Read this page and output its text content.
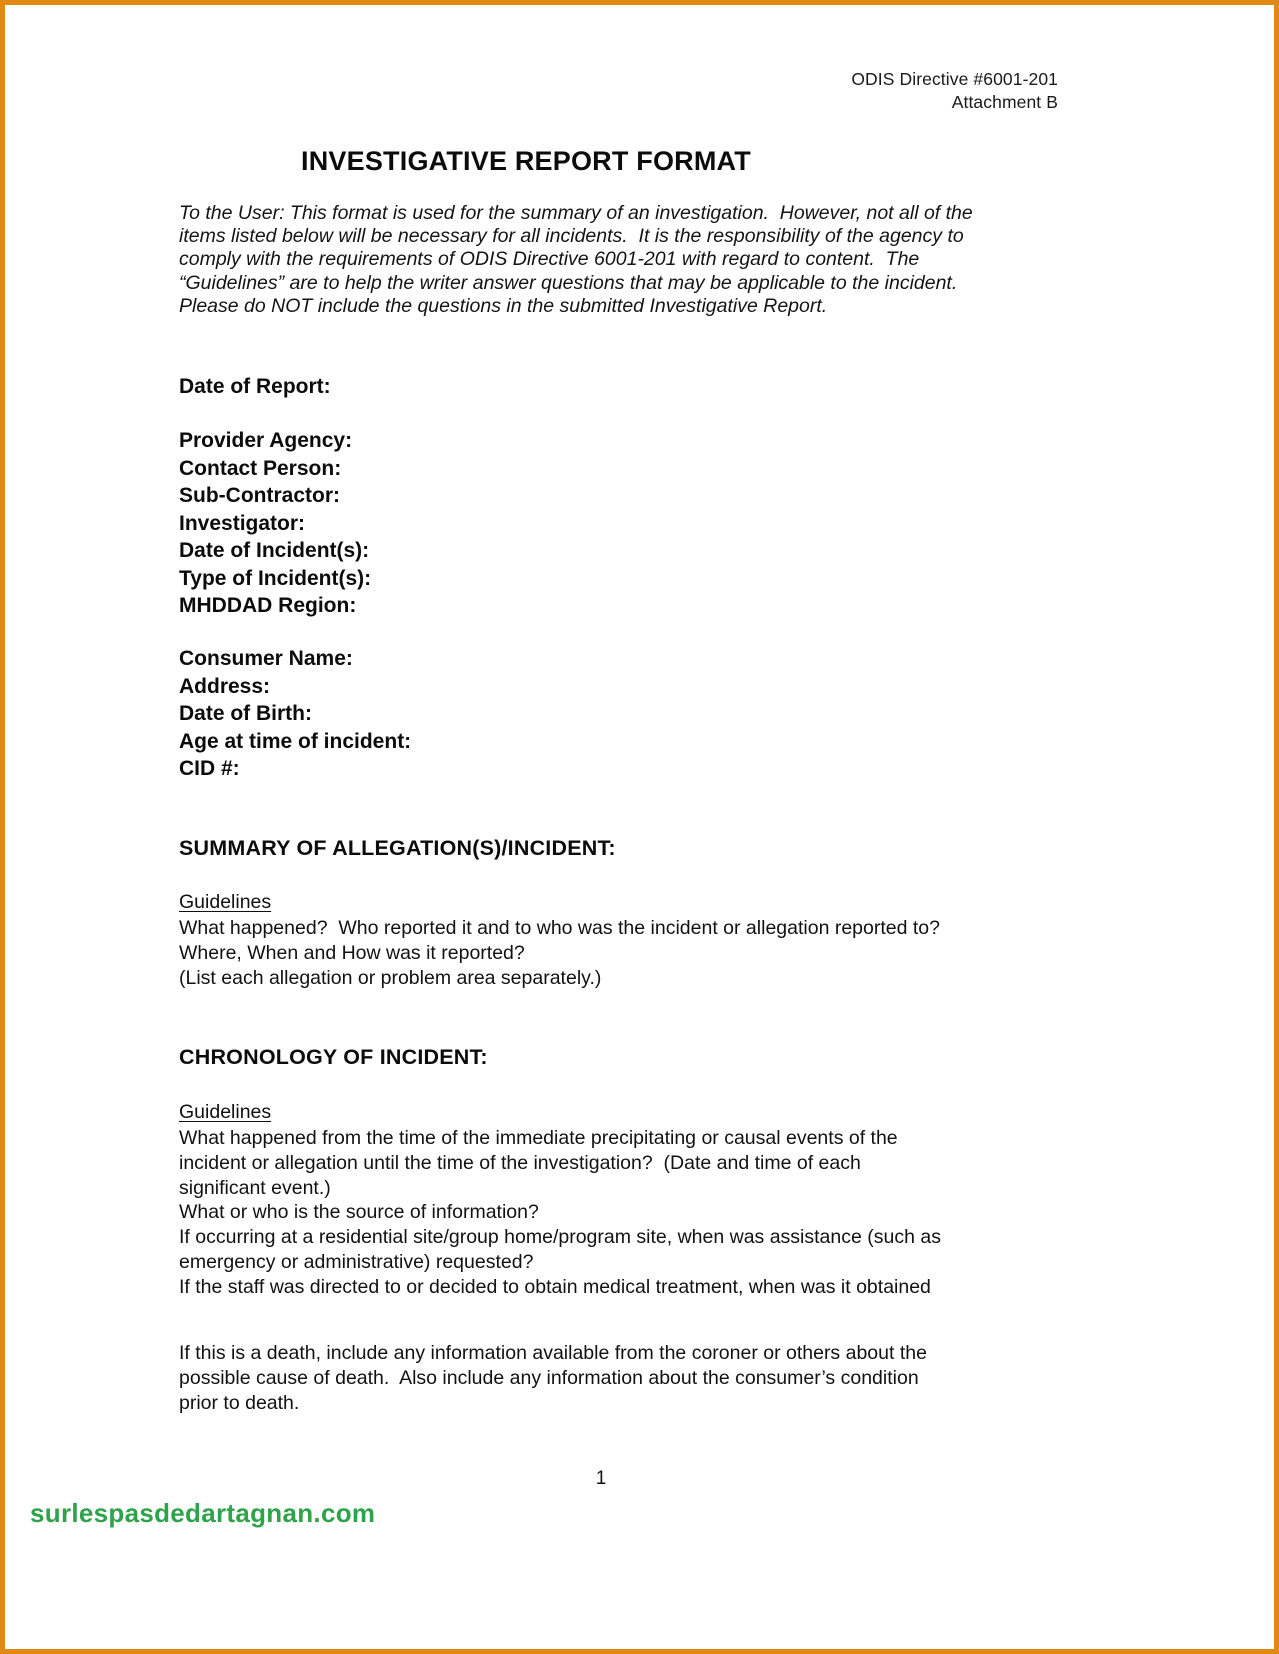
ODIS Directive #6001-201
Attachment B
INVESTIGATIVE REPORT FORMAT
To the User: This format is used for the summary of an investigation.  However, not all of the
items listed below will be necessary for all incidents.  It is the responsibility of the agency to
comply with the requirements of ODIS Directive 6001-201 with regard to content.  The
“Guidelines” are to help the writer answer questions that may be applicable to the incident.
Please do NOT include the questions in the submitted Investigative Report.
Date of Report:
Provider Agency:
Contact Person:
Sub-Contractor:
Investigator:
Date of Incident(s):
Type of Incident(s):
MHDDAD Region:
Consumer Name:
Address:
Date of Birth:
Age at time of incident:
CID #:
SUMMARY OF ALLEGATION(S)/INCIDENT:
Guidelines
What happened?  Who reported it and to who was the incident or allegation reported to?
Where, When and How was it reported?
(List each allegation or problem area separately.)
CHRONOLOGY OF INCIDENT:
Guidelines
What happened from the time of the immediate precipitating or causal events of the
incident or allegation until the time of the investigation?  (Date and time of each
significant event.)
What or who is the source of information?
If occurring at a residential site/group home/program site, when was assistance (such as
emergency or administrative) requested?
If the staff was directed to or decided to obtain medical treatment, when was it obtained
If this is a death, include any information available from the coroner or others about the
possible cause of death.  Also include any information about the consumer’s condition
prior to death.
1
surlespasdedartagnan.com
